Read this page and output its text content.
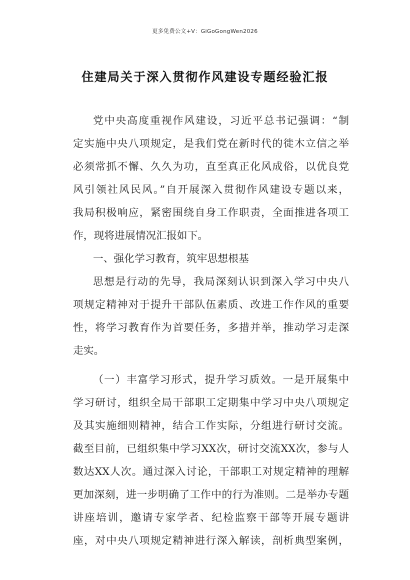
更多免费公文+V：GiGoGongWen2026
住建局关于深入贯彻作风建设专题经验汇报
党中央高度重视作风建设，习近平总书记强调：“制
定实施中央八项规定，是我们党在新时代的徙木立信之举
必须常抓不懈、久久为功，直至真正化风成俗，以优良党
风引领社风民风。”自开展深入贯彻作风建设专题以来，
我局积极响应，紧密围绕自身工作职责，全面推进各项工
作，现将进展情况汇报如下。
一、强化学习教育，筑牢思想根基
思想是行动的先导，我局深刻认识到深入学习中央八
项规定精神对于提升干部队伍素质、改进工作作风的重要
性，将学习教育作为首要任务，多措并举，推动学习走深
走实。
（一）丰富学习形式，提升学习质效。一是开展集中
学习研讨，组织全局干部职工定期集中学习中央八项规定
及其实施细则精神，结合工作实际，分组进行研讨交流。
截至目前，已组织集中学习XX次，研讨交流XX次，参与人
数达XX人次。通过深入讨论，干部职工对规定精神的理解
更加深刻，进一步明确了工作中的行为准则。二是举办专题
讲座培训，邀请专家学者、纪检监察干部等开展专题讲
座，对中央八项规定精神进行深入解读，剖析典型案例，
